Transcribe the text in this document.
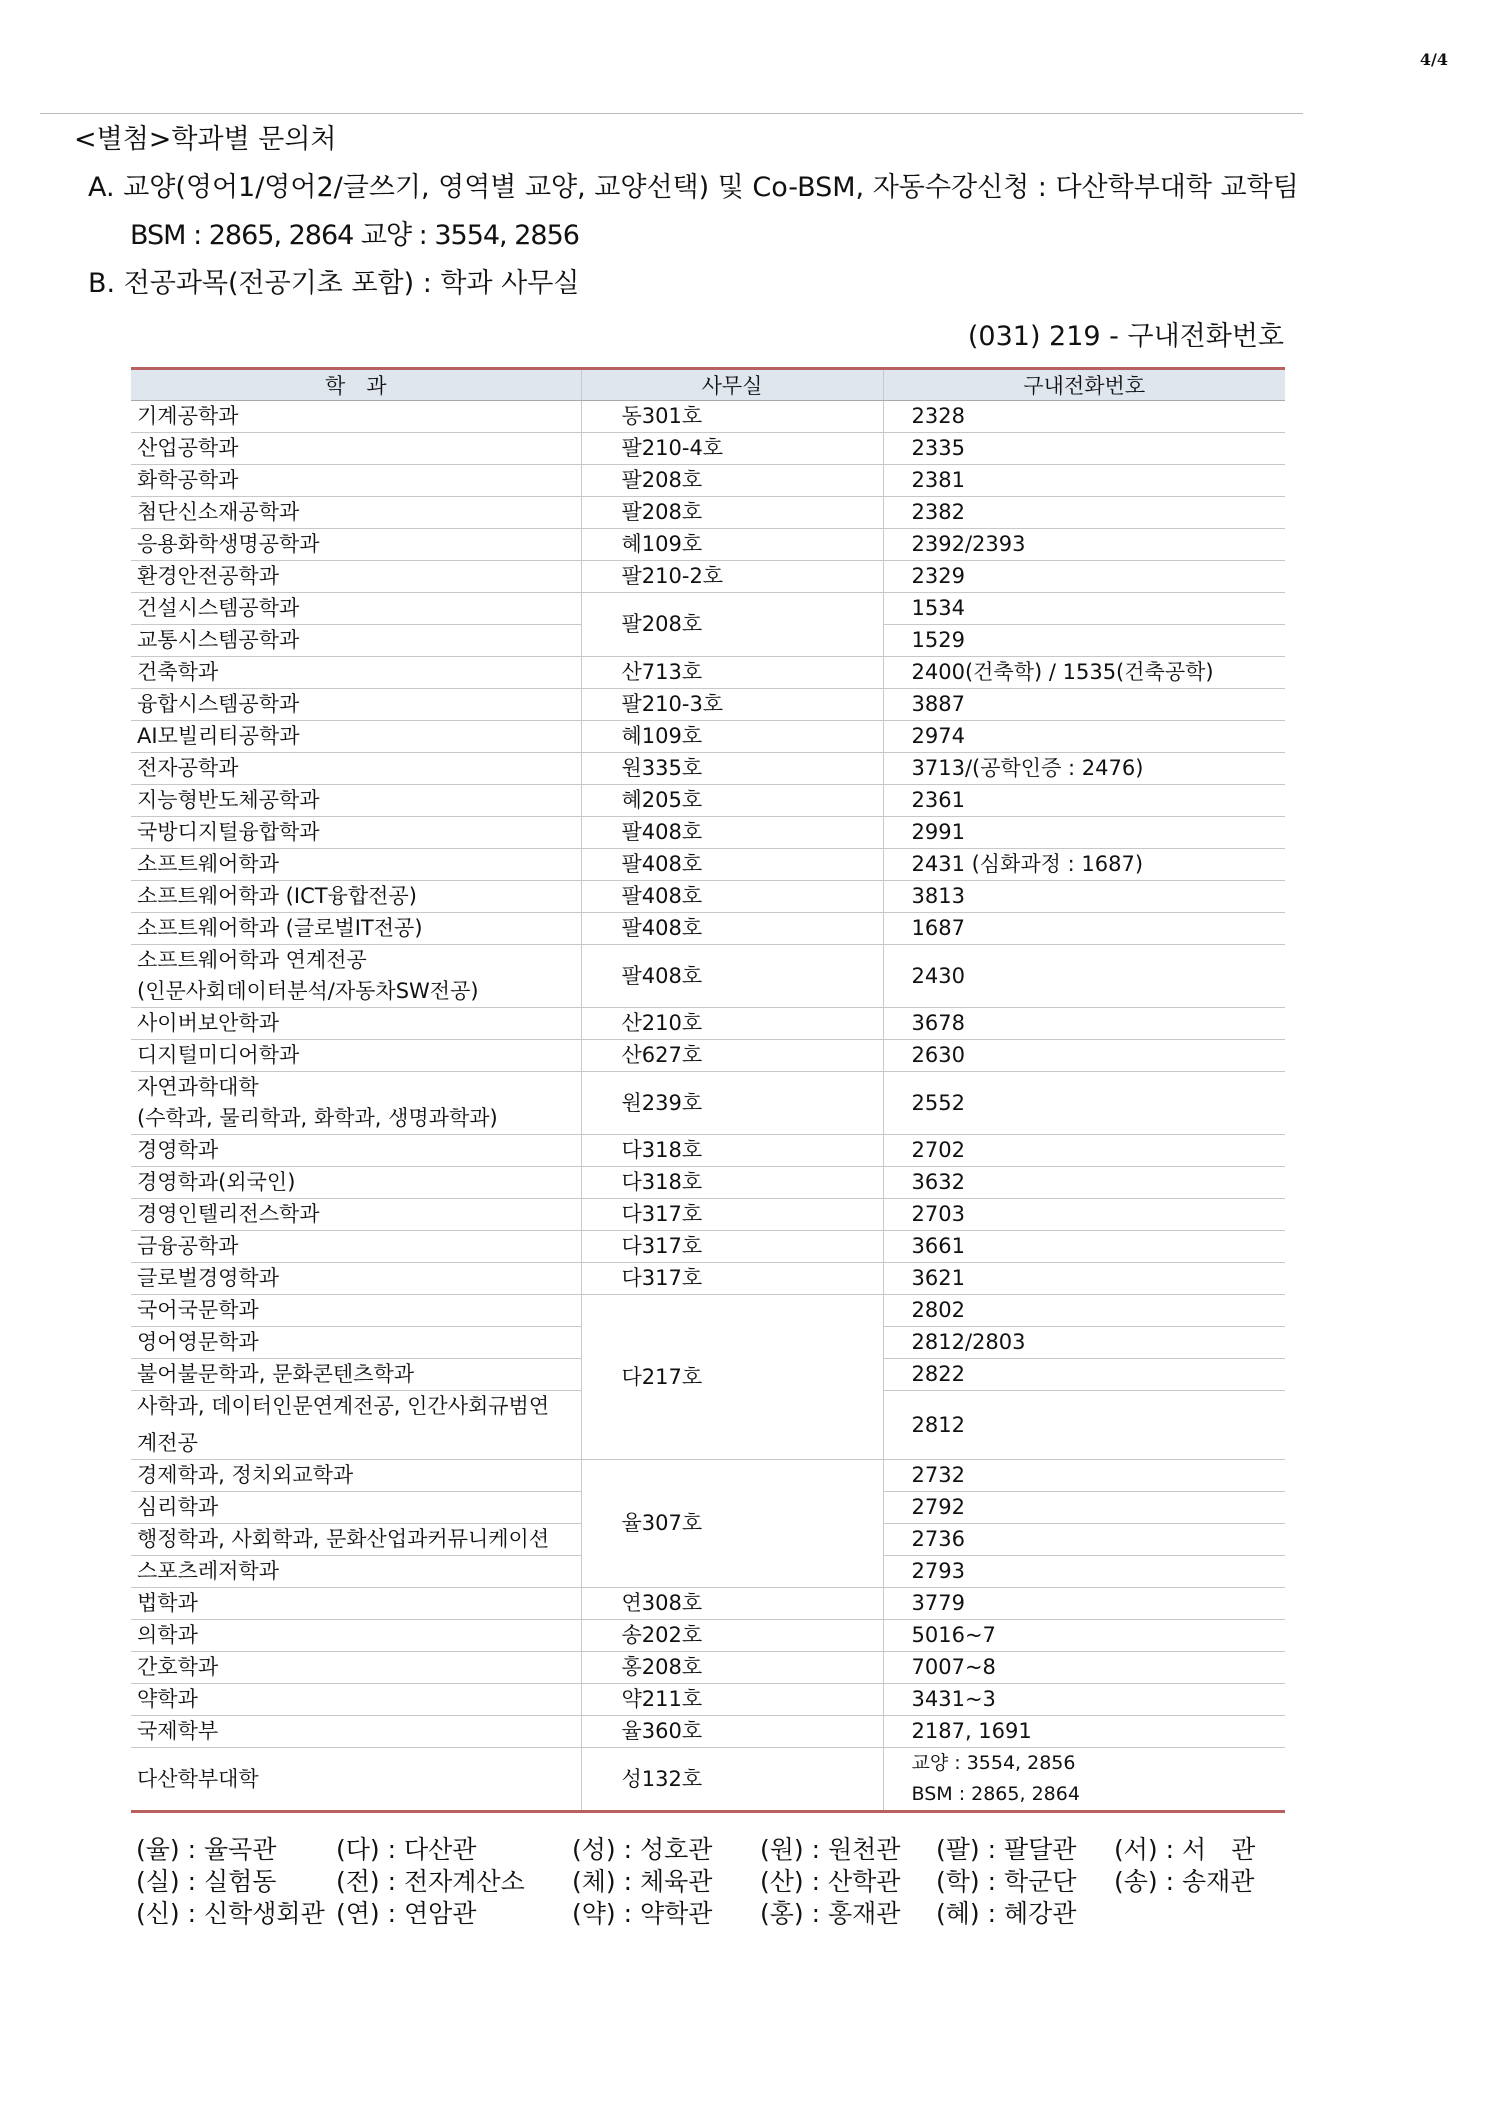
4/4
<별첨>학과별 문의처
A. 교양(영어1/영어2/글쓰기, 영역별 교양, 교양선택) 및 Co-BSM, 자동수강신청 : 다산학부대학 교학팀
BSM : 2865, 2864 교양 : 3554, 2856
B. 전공과목(전공기초 포함) : 학과 사무실
(031) 219 - 구내전화번호
학　과	사무실	구내전화번호
기계공학과	동301호	2328
산업공학과	팔210-4호	2335
화학공학과	팔208호	2381
첨단신소재공학과	팔208호	2382
응용화학생명공학과	혜109호	2392/2393
환경안전공학과	팔210-2호	2329
건설시스템공학과	팔208호	1534
교통시스템공학과		1529
건축학과	산713호	2400(건축학) / 1535(건축공학)
융합시스템공학과	팔210-3호	3887
AI모빌리티공학과	혜109호	2974
전자공학과	원335호	3713/(공학인증 : 2476)
지능형반도체공학과	혜205호	2361
국방디지털융합학과	팔408호	2991
소프트웨어학과	팔408호	2431 (심화과정 : 1687)
소프트웨어학과 (ICT융합전공)	팔408호	3813
소프트웨어학과 (글로벌IT전공)	팔408호	1687

소프트웨어학과 연계전공
(인문사회데이터분석/자동차SW전공)	팔408호	2430
사이버보안학과	산210호	3678
디지털미디어학과	산627호	2630

자연과학대학
(수학과, 물리학과, 화학과, 생명과학과)	원239호	2552
경영학과	다318호	2702
경영학과(외국인)	다318호	3632
경영인텔리전스학과	다317호	2703
금융공학과	다317호	3661
글로벌경영학과	다317호	3621
국어국문학과	다217호	2802
영어영문학과		2812/2803
불어불문학과, 문화콘텐츠학과		2822

사학과, 데이터인문연계전공, 인간사회규범연
계전공		2812
경제학과, 정치외교학과	율307호	2732
심리학과		2792
행정학과, 사회학과, 문화산업과커뮤니케이션		2736
스포츠레저학과		2793
법학과	연308호	3779
의학과	송202호	5016~7
간호학과	홍208호	7007~8
약학과	약211호	3431~3
국제학부	율360호	2187, 1691
다산학부대학	성132호	교양 : 3554, 2856
BSM : 2865, 2864
(율) : 율곡관	(다) : 다산관	(성) : 성호관	(원) : 원천관	(팔) : 팔달관	(서) : 서　관
(실) : 실험동	(전) : 전자계산소	(체) : 체육관	(산) : 산학관	(학) : 학군단	(송) : 송재관
(신) : 신학생회관 (연) : 연암관	(약) : 약학관	(홍) : 홍재관	(혜) : 혜강관
